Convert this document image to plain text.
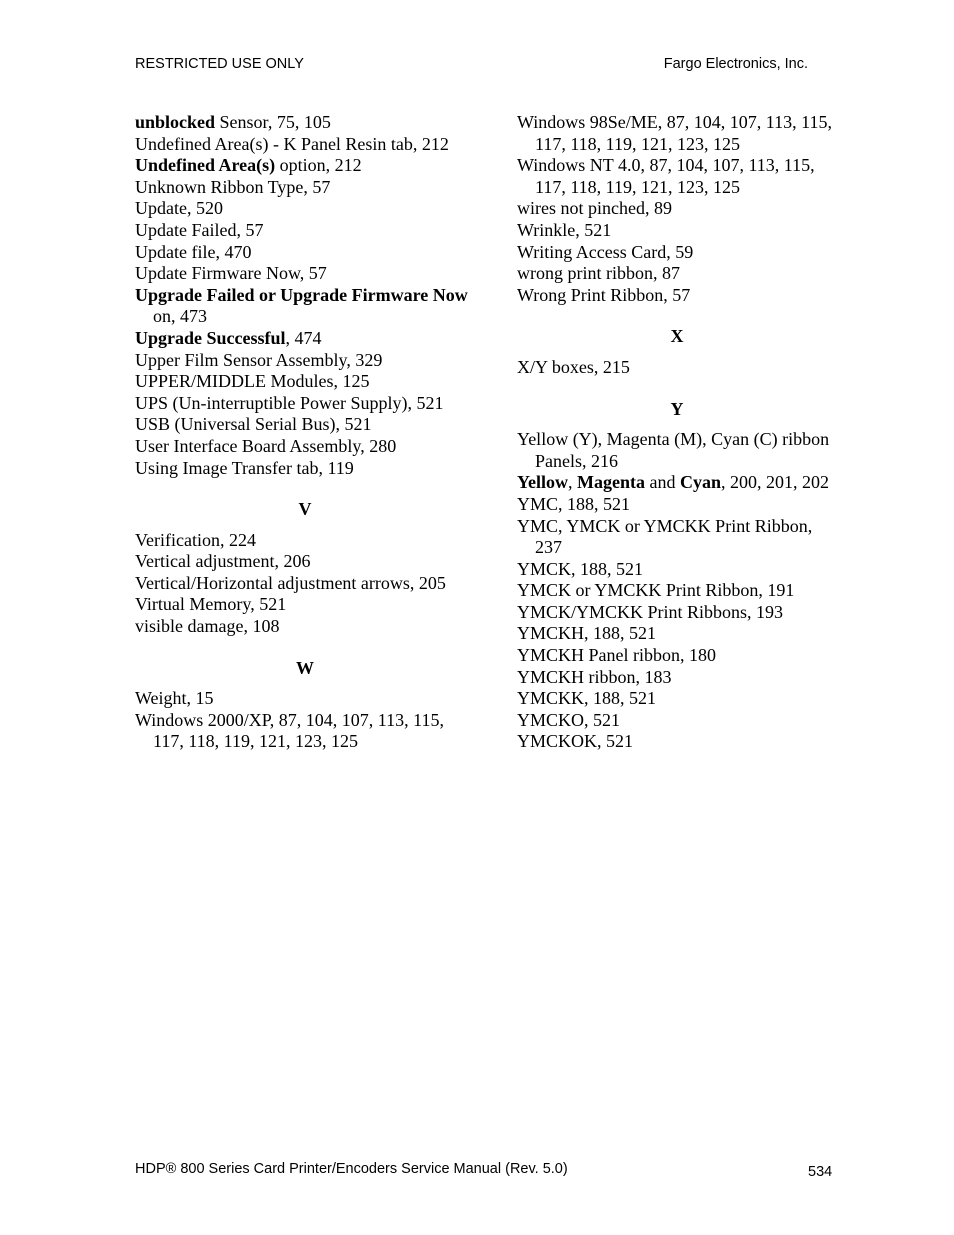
RESTRICTED USE ONLY	Fargo Electronics, Inc.

unblocked Sensor, 75, 105

Undefined Area(s) - K Panel Resin tab, 212

Undefined Area(s) option, 212

Unknown Ribbon Type, 57

Update, 520

Update Failed, 57

Update file, 470

Update Firmware Now, 57

Upgrade Failed or Upgrade Firmware Now on, 473

Upgrade Successful, 474

Upper Film Sensor Assembly, 329

UPPER/MIDDLE Modules, 125

UPS (Un-interruptible Power Supply), 521

USB (Universal Serial Bus), 521

User Interface Board Assembly, 280

Using Image Transfer tab, 119

V

Verification, 224

Vertical adjustment, 206

Vertical/Horizontal adjustment arrows, 205

Virtual Memory, 521

visible damage, 108

W

Weight, 15

Windows 2000/XP, 87, 104, 107, 113, 115, 117, 118, 119, 121, 123, 125

Windows 98Se/ME, 87, 104, 107, 113, 115, 117, 118, 119, 121, 123, 125

Windows NT 4.0, 87, 104, 107, 113, 115, 117, 118, 119, 121, 123, 125

wires not pinched, 89

Wrinkle, 521

Writing Access Card, 59

wrong print ribbon, 87

Wrong Print Ribbon, 57

X

X/Y boxes, 215

Y

Yellow (Y), Magenta (M), Cyan (C) ribbon Panels, 216

Yellow, Magenta and Cyan, 200, 201, 202

YMC, 188, 521

YMC, YMCK or YMCKK Print Ribbon, 237

YMCK, 188, 521

YMCK or YMCKK Print Ribbon, 191

YMCK/YMCKK Print Ribbons, 193

YMCKH, 188, 521

YMCKH Panel ribbon, 180

YMCKH ribbon, 183

YMCKK, 188, 521

YMCKO, 521

YMCKOK, 521

HDP® 800 Series Card Printer/Encoders Service Manual (Rev. 5.0)	534
